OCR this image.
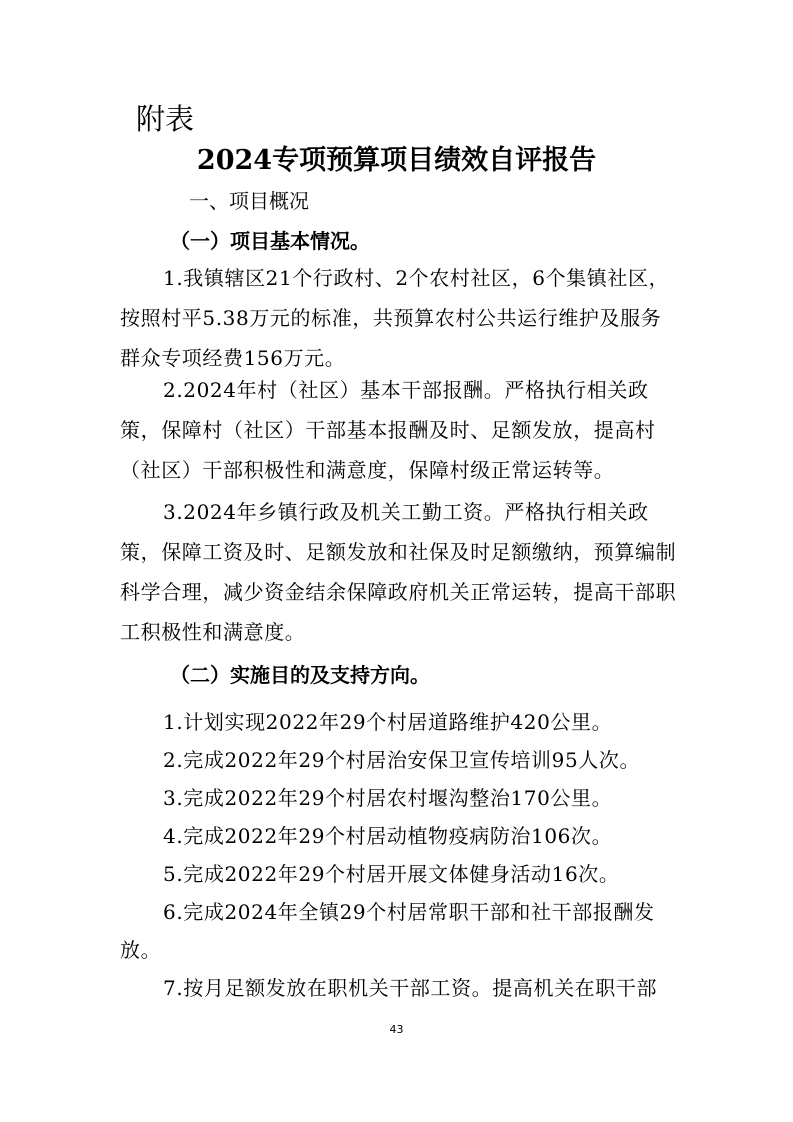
附表
2024专项预算项目绩效自评报告
一、项目概况
（一）项目基本情况。
1.我镇辖区21个行政村、2个农村社区，6个集镇社区，按照村平5.38万元的标准，共预算农村公共运行维护及服务群众专项经费156万元。
2.2024年村（社区）基本干部报酬。严格执行相关政策，保障村（社区）干部基本报酬及时、足额发放，提高村（社区）干部积极性和满意度，保障村级正常运转等。
3.2024年乡镇行政及机关工勤工资。严格执行相关政策，保障工资及时、足额发放和社保及时足额缴纳，预算编制科学合理，减少资金结余保障政府机关正常运转，提高干部职工积极性和满意度。
（二）实施目的及支持方向。
1.计划实现2022年29个村居道路维护420公里。
2.完成2022年29个村居治安保卫宣传培训95人次。
3.完成2022年29个村居农村堰沟整治170公里。
4.完成2022年29个村居动植物疫病防治106次。
5.完成2022年29个村居开展文体健身活动16次。
6.完成2024年全镇29个村居常职干部和社干部报酬发放。
7.按月足额发放在职机关干部工资。提高机关在职干部
43
